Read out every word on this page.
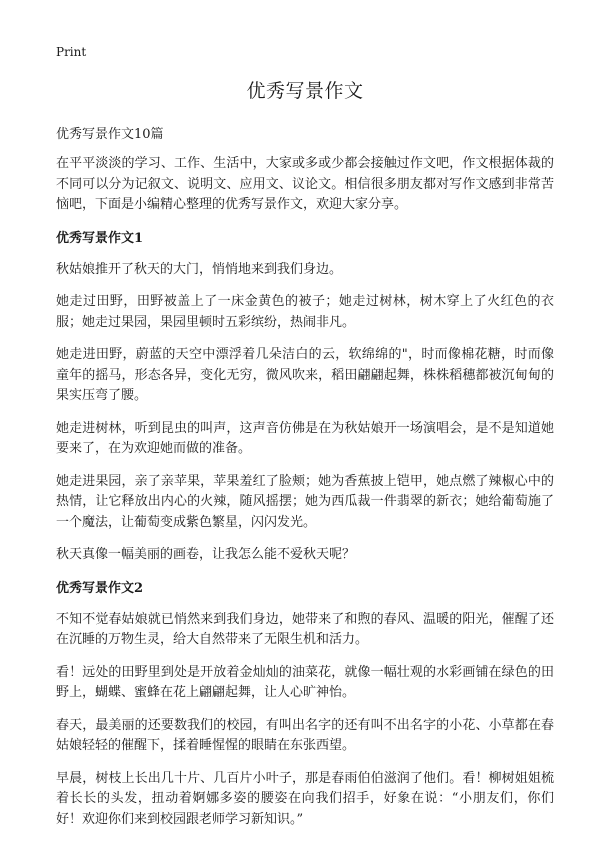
Print
优秀写景作文
优秀写景作文10篇

在平平淡淡的学习、工作、生活中，大家或多或少都会接触过作文吧，作文根据体裁的不同可以分为记叙文、说明文、应用文、议论文。相信很多朋友都对写作文感到非常苦恼吧，下面是小编精心整理的优秀写景作文，欢迎大家分享。

优秀写景作文1

秋姑娘推开了秋天的大门，悄悄地来到我们身边。

她走过田野，田野被盖上了一床金黄色的被子；她走过树林，树木穿上了火红色的衣服；她走过果园，果园里顿时五彩缤纷，热闹非凡。

她走进田野，蔚蓝的天空中漂浮着几朵洁白的云，软绵绵的"，时而像棉花糖，时而像童年的摇马，形态各异，变化无穷，微风吹来，稻田翩翩起舞，株株稻穗都被沉甸甸的果实压弯了腰。

她走进树林，听到昆虫的叫声，这声音仿佛是在为秋姑娘开一场演唱会，是不是知道她要来了，在为欢迎她而做的准备。

她走进果园，亲了亲苹果，苹果羞红了脸颊；她为香蕉披上铠甲，她点燃了辣椒心中的热情，让它释放出内心的火辣，随风摇摆；她为西瓜裁一件翡翠的新衣；她给葡萄施了一个魔法，让葡萄变成紫色繁星，闪闪发光。

秋天真像一幅美丽的画卷，让我怎么能不爱秋天呢？

优秀写景作文2

不知不觉春姑娘就已悄然来到我们身边，她带来了和煦的春风、温暖的阳光，催醒了还在沉睡的万物生灵，给大自然带来了无限生机和活力。

看！远处的田野里到处是开放着金灿灿的油菜花，就像一幅壮观的水彩画铺在绿色的田野上，蝴蝶、蜜蜂在花上翩翩起舞，让人心旷神怡。

春天，最美丽的还要数我们的校园，有叫出名字的还有叫不出名字的小花、小草都在春姑娘轻轻的催醒下，揉着睡惺惺的眼睛在东张西望。

早晨，树枝上长出几十片、几百片小叶子，那是春雨伯伯滋润了他们。看！柳树姐姐梳着长长的头发，扭动着婀娜多姿的腰姿在向我们招手，好象在说：“小朋友们，你们好！欢迎你们来到校园跟老师学习新知识。”
